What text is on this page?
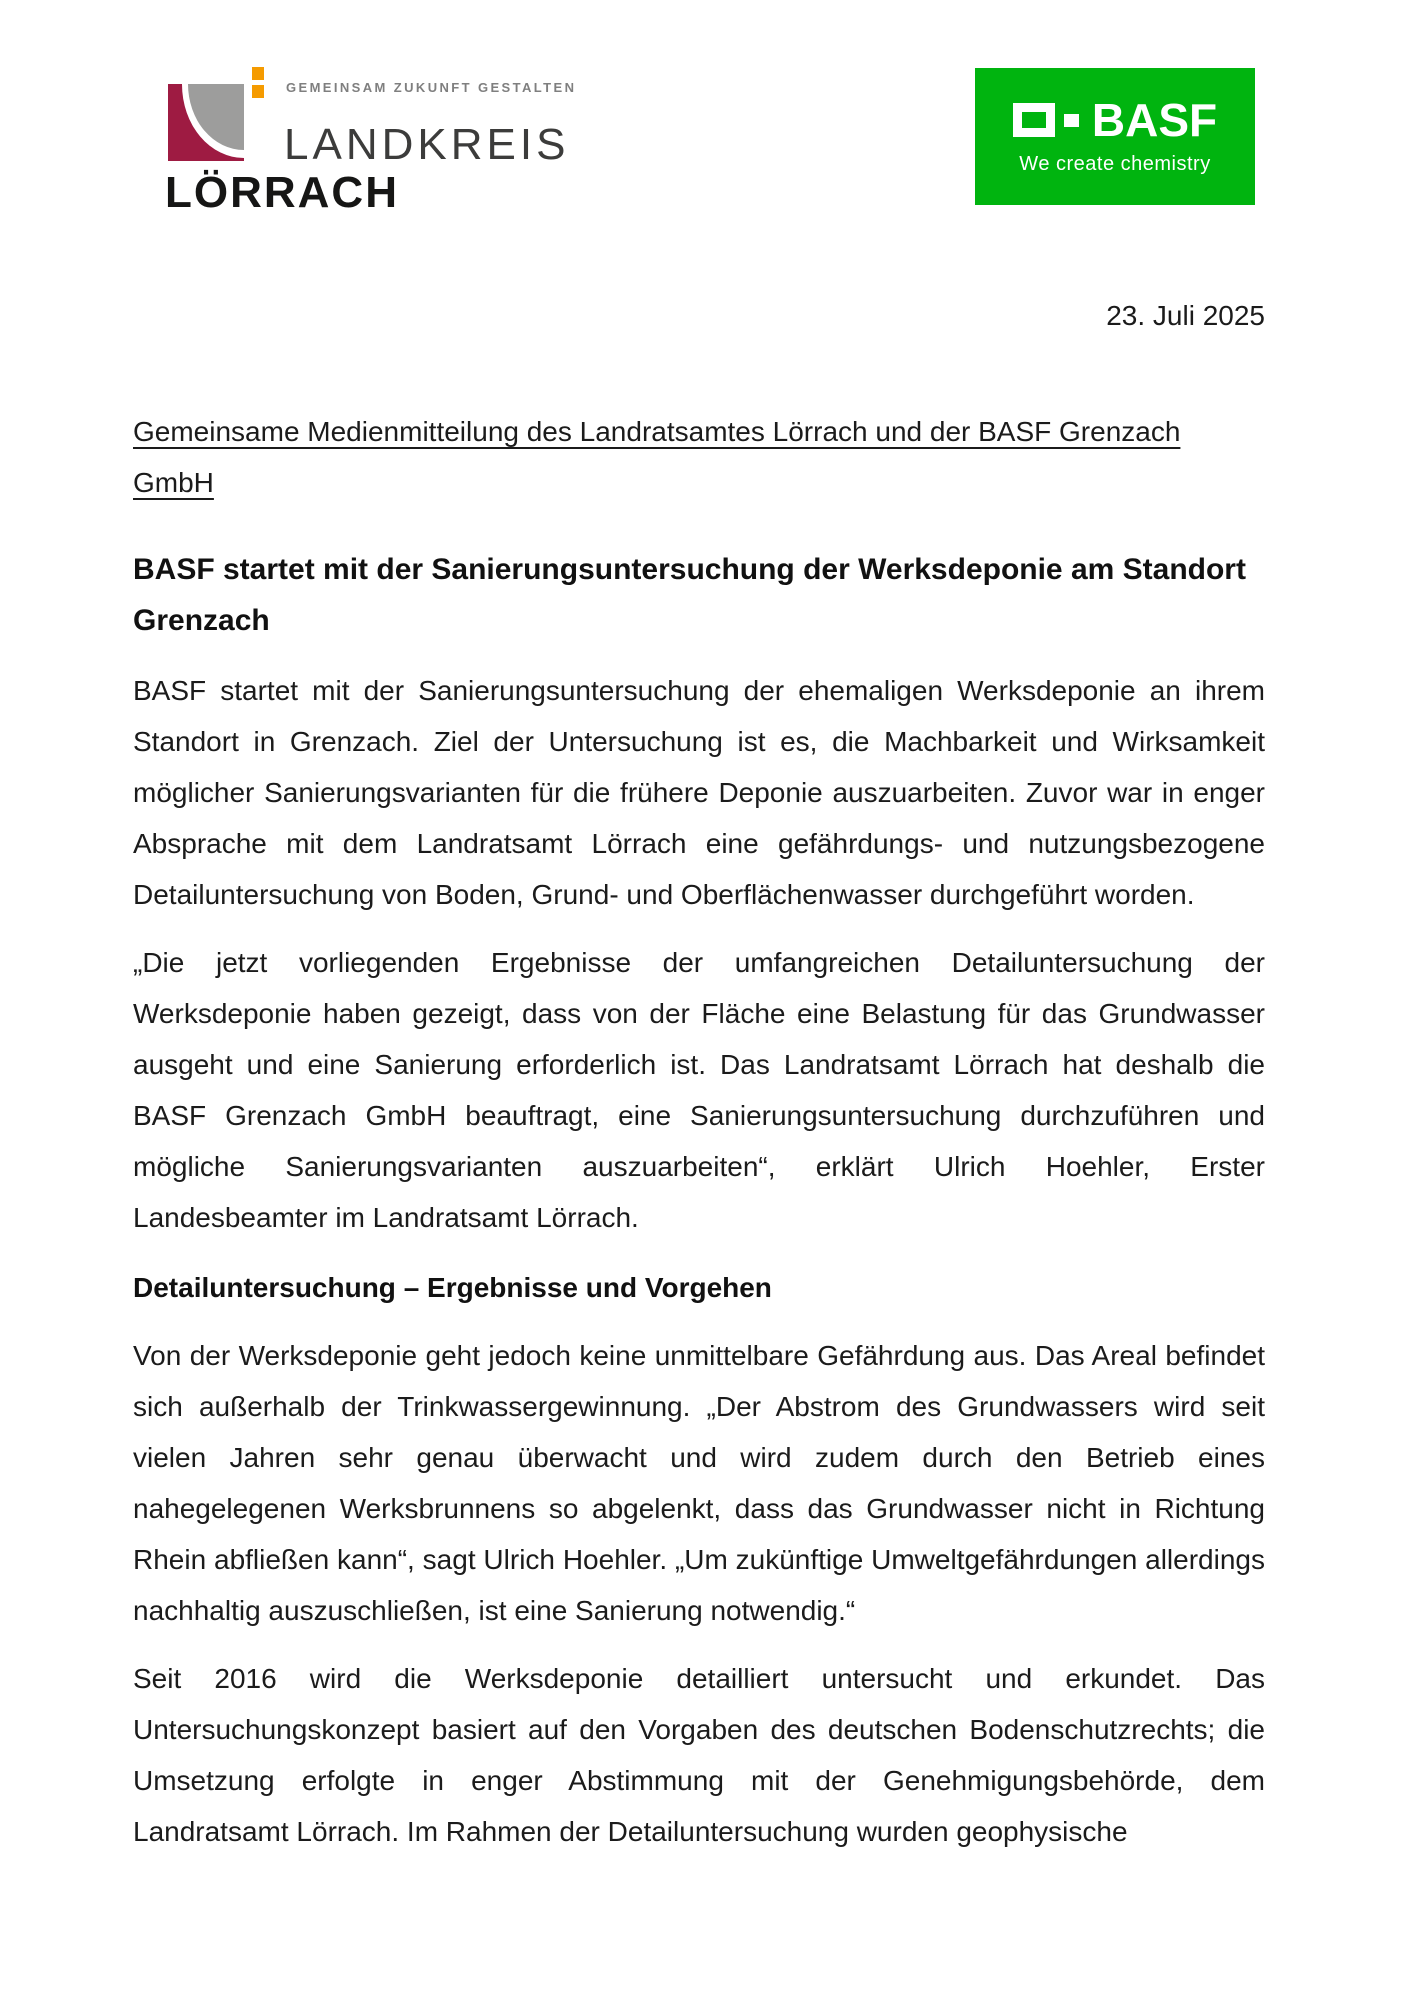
GEMEINSAM ZUKUNFT GESTALTEN
LANDKREIS
LÖRRACH
BASF
We create chemistry
23. Juli 2025
Gemeinsame Medienmitteilung des Landratsamtes Lörrach und der BASF Grenzach GmbH
BASF startet mit der Sanierungsuntersuchung der Werksdeponie am Standort Grenzach

BASF startet mit der Sanierungsuntersuchung der ehemaligen Werksdeponie an ihrem Standort in Grenzach. Ziel der Untersuchung ist es, die Machbarkeit und Wirksamkeit möglicher Sanierungsvarianten für die frühere Deponie auszuarbeiten. Zuvor war in enger Absprache mit dem Landratsamt Lörrach eine gefährdungs- und nutzungsbezogene Detailuntersuchung von Boden, Grund- und Oberflächenwasser durchgeführt worden.

„Die jetzt vorliegenden Ergebnisse der umfangreichen Detailuntersuchung der Werksdeponie haben gezeigt, dass von der Fläche eine Belastung für das Grundwasser ausgeht und eine Sanierung erforderlich ist. Das Landratsamt Lörrach hat deshalb die BASF Grenzach GmbH beauftragt, eine Sanierungsuntersuchung durchzuführen und mögliche Sanierungsvarianten auszuarbeiten“, erklärt Ulrich Hoehler, Erster Landesbeamter im Landratsamt Lörrach.

Detailuntersuchung – Ergebnisse und Vorgehen

Von der Werksdeponie geht jedoch keine unmittelbare Gefährdung aus. Das Areal befindet sich außerhalb der Trinkwassergewinnung. „Der Abstrom des Grundwassers wird seit vielen Jahren sehr genau überwacht und wird zudem durch den Betrieb eines nahegelegenen Werksbrunnens so abgelenkt, dass das Grundwasser nicht in Richtung Rhein abfließen kann“, sagt Ulrich Hoehler. „Um zukünftige Umweltgefährdungen allerdings nachhaltig auszuschließen, ist eine Sanierung notwendig.“

Seit 2016 wird die Werksdeponie detailliert untersucht und erkundet. Das Untersuchungskonzept basiert auf den Vorgaben des deutschen Bodenschutzrechts; die Umsetzung erfolgte in enger Abstimmung mit der Genehmigungsbehörde, dem Landratsamt Lörrach. Im Rahmen der Detailuntersuchung wurden geophysische
